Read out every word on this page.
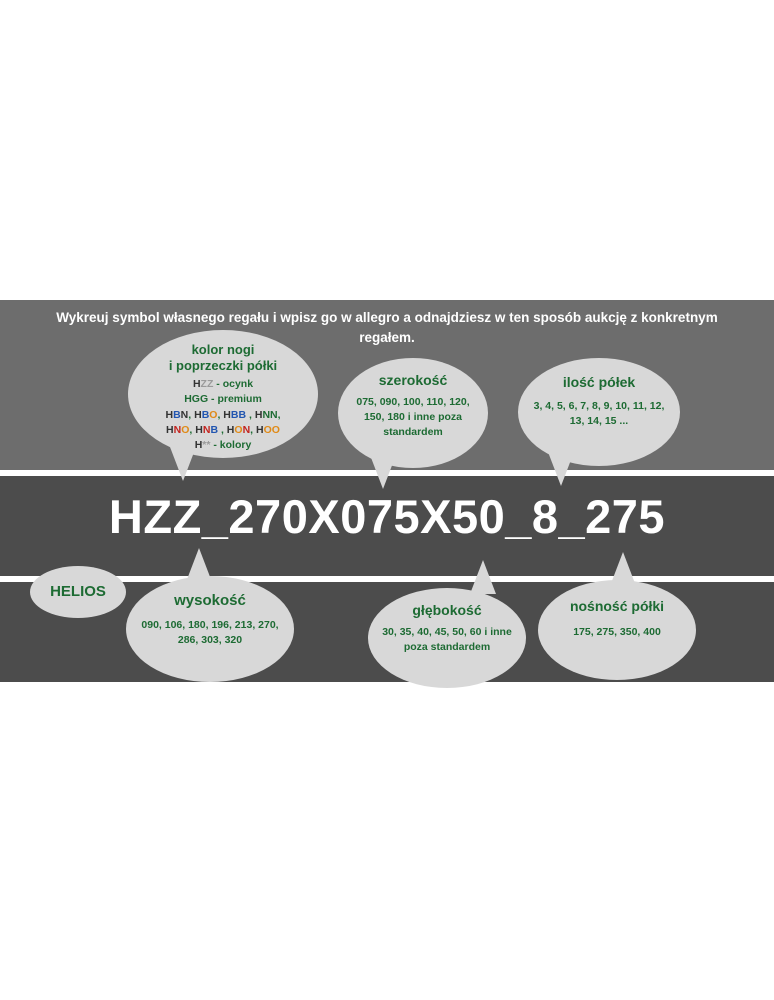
Wykreuj symbol własnego regału i wpisz go w allegro a odnajdziesz w ten sposób aukcję z konkretnym regałem.
HZZ_270X075X50_8_275
kolor nogi
i poprzeczki półki
HZZ - ocynk
HGG - premium
HBN, HBO, HBB , HNN,
HNO, HNB , HON, HOO
H** - kolory
szerokość
075, 090, 100, 110, 120, 150, 180 i inne poza standardem
ilość półek
3, 4, 5, 6, 7, 8, 9, 10, 11, 12, 13, 14, 15 ...
HELIOS
wysokość
090, 106, 180, 196, 213, 270, 286, 303, 320
głębokość
30, 35, 40, 45, 50, 60 i inne poza standardem
nośność półki
175, 275, 350, 400
